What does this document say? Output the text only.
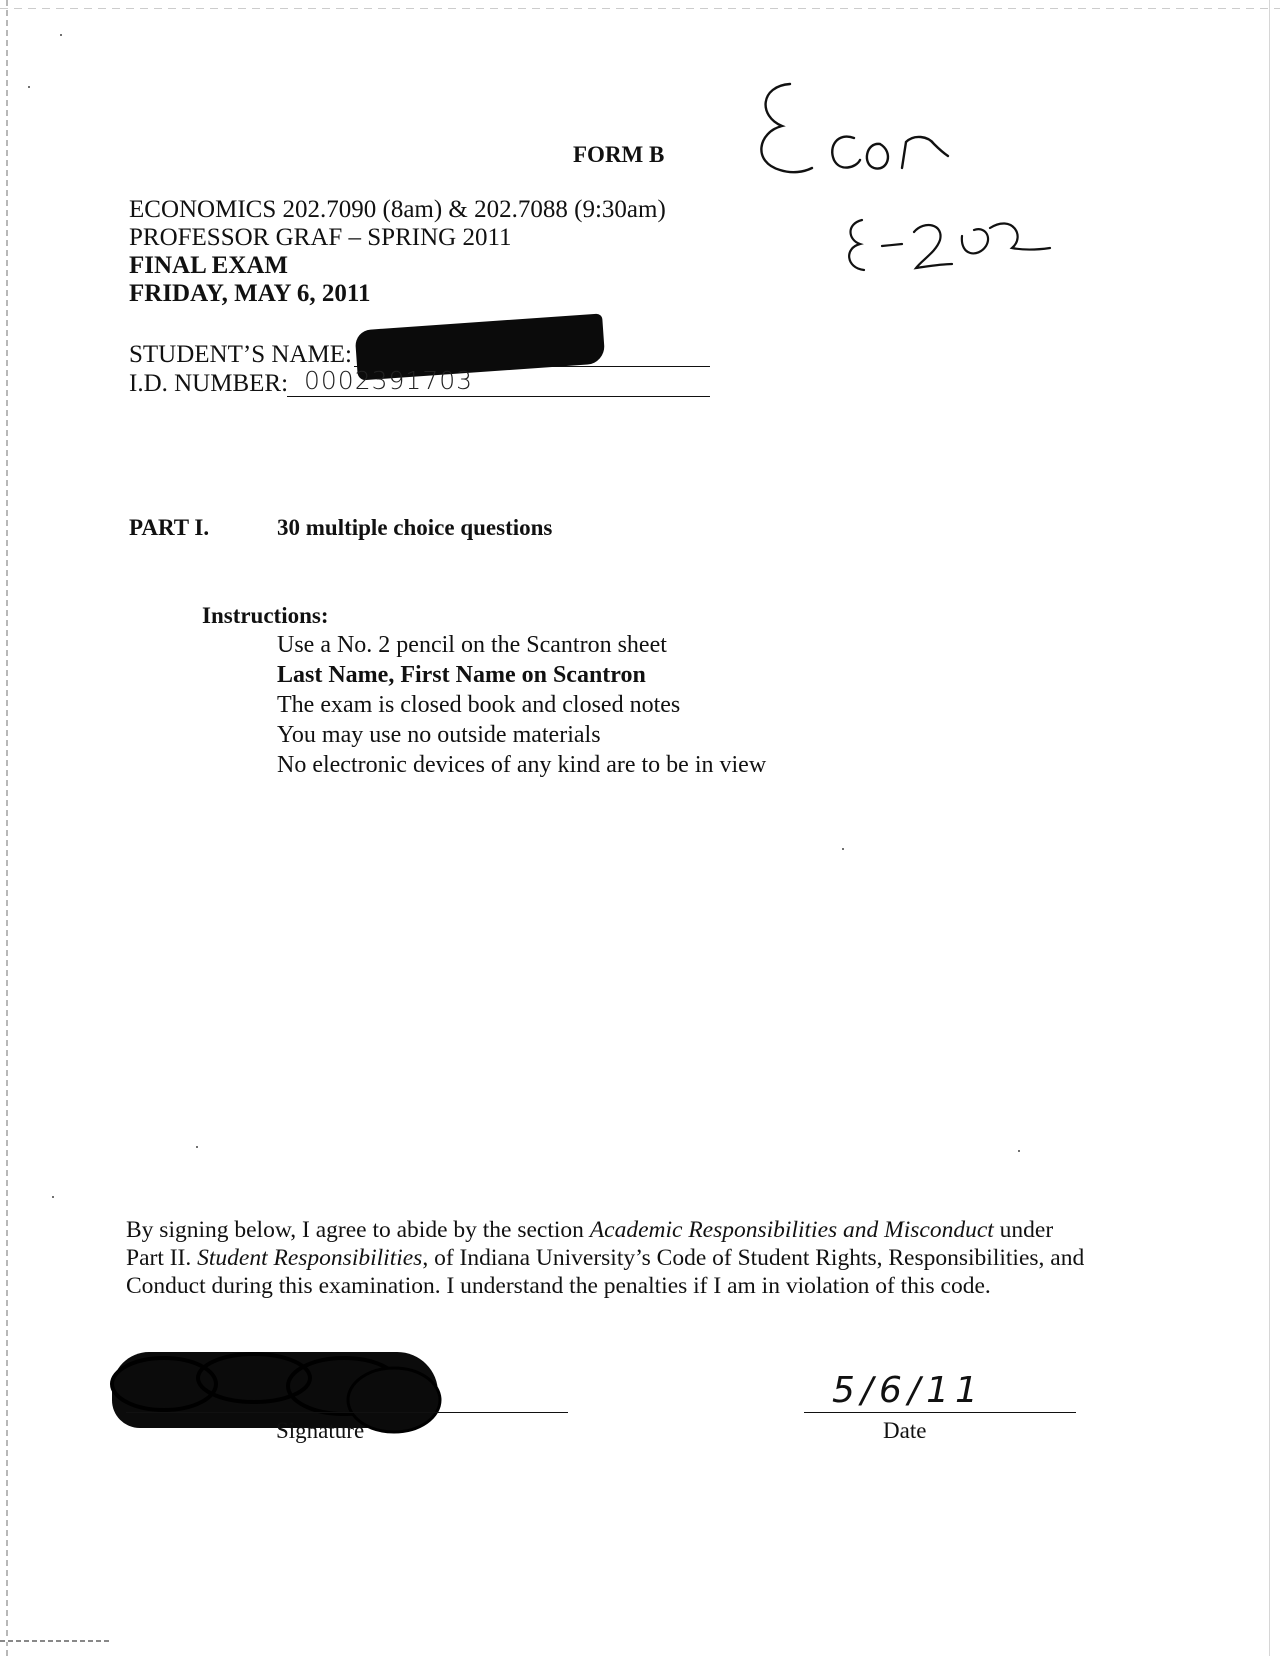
FORM B
Econ
E-202
ECONOMICS 202.7090 (8am) & 202.7088 (9:30am)
PROFESSOR GRAF – SPRING 2011
FINAL EXAM
FRIDAY, MAY 6, 2011
STUDENT’S NAME:
I.D. NUMBER: 0002391703
PART I.	30 multiple choice questions
Instructions:
Use a No. 2 pencil on the Scantron sheet
Last Name, First Name on Scantron
The exam is closed book and closed notes
You may use no outside materials
No electronic devices of any kind are to be in view
By signing below, I agree to abide by the section Academic Responsibilities and Misconduct under Part II. Student Responsibilities, of Indiana University’s Code of Student Rights, Responsibilities, and Conduct during this examination. I understand the penalties if I am in violation of this code.
Signature
5/6/11
Date
